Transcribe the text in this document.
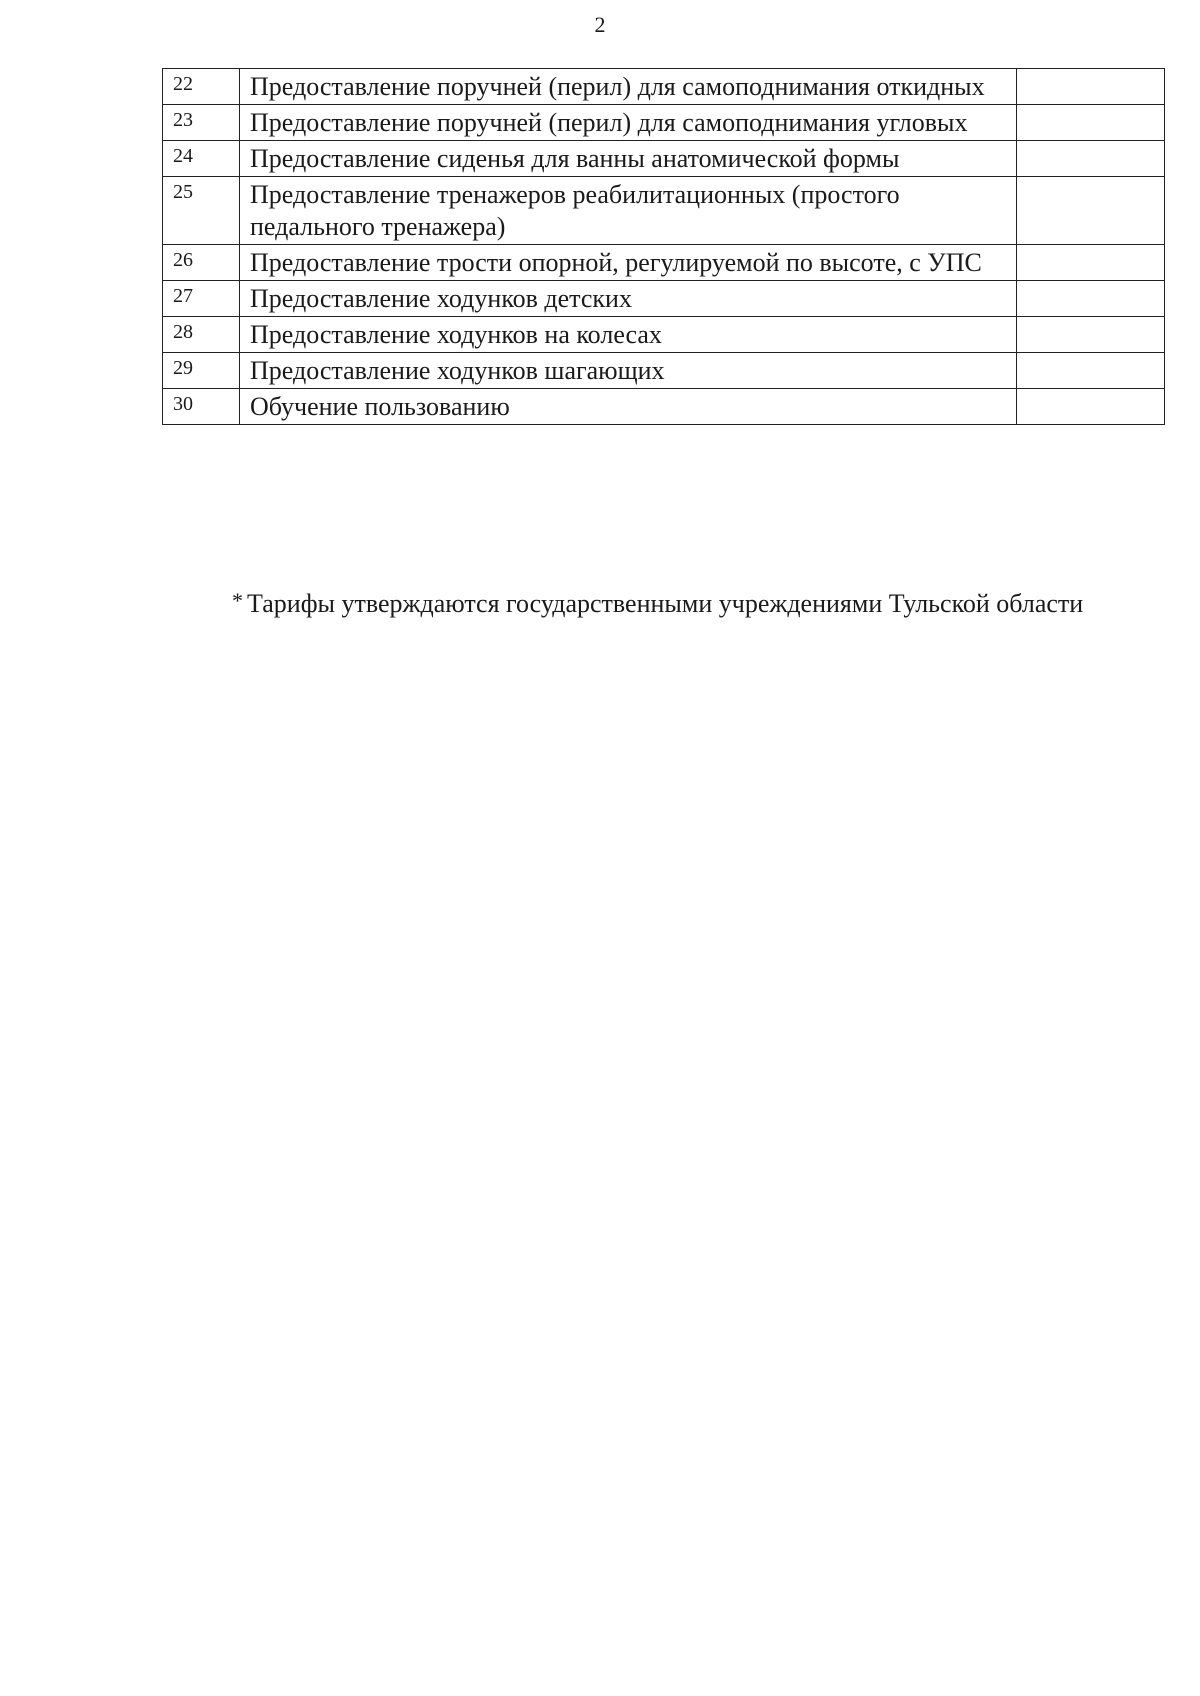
2
22	Предоставление поручней (перил) для самоподнимания откидных	
23	Предоставление поручней (перил) для самоподнимания угловых	
24	Предоставление сиденья для ванны анатомической формы	
25	Предоставление тренажеров реабилитационных (простого педального тренажера)	
26	Предоставление трости опорной, регулируемой по высоте, с УПС	
27	Предоставление ходунков детских	
28	Предоставление ходунков на колесах	
29	Предоставление ходунков шагающих	
30	Обучение пользованию	

* Тарифы утверждаются государственными учреждениями Тульской области
